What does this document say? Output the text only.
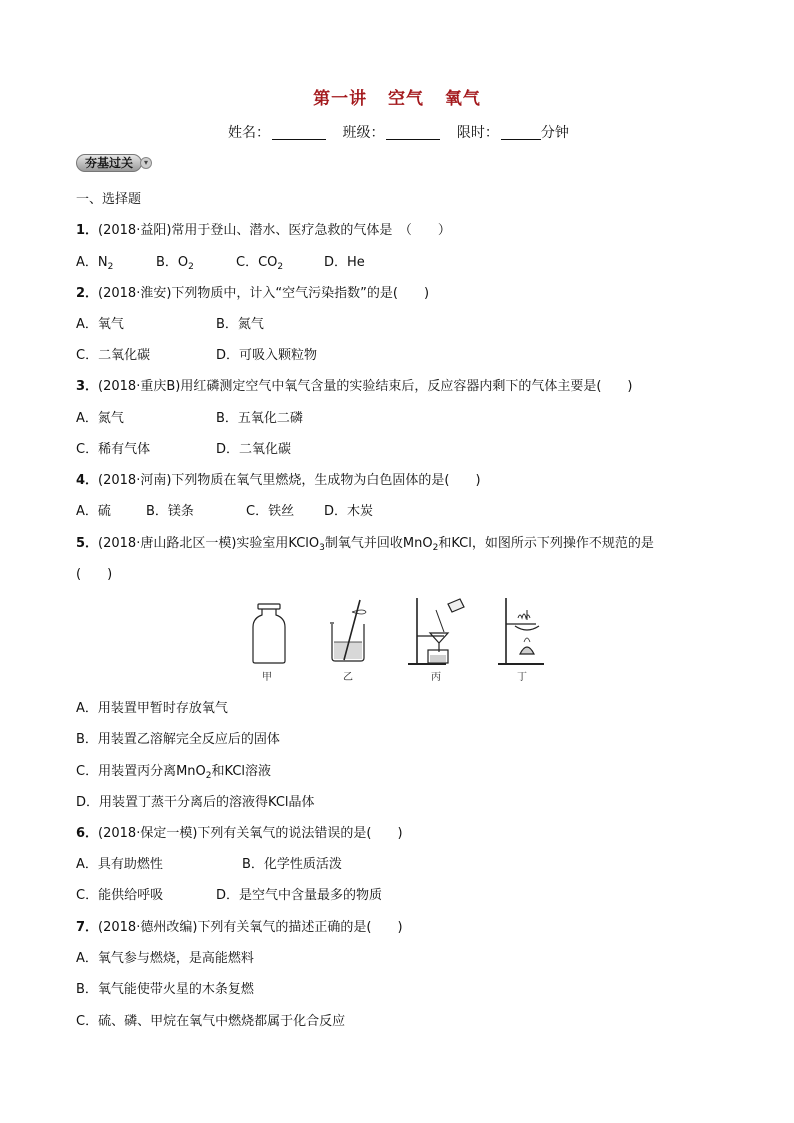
第一讲 空气 氧气
姓名：	班级：	限时：	分钟
夯基过关	▾
一、选择题
1．(2018·益阳)常用于登山、潜水、医疗急救的气体是　（　　）
A．$N_2$	B．$O_2$	C．$CO_2$	D．He
2．(2018·淮安)下列物质中，计入“空气污染指数”的是(　　)
A．氧气	B．氮气
C．二氧化碳	D．可吸入颗粒物
3．(2018·重庆B)用红磷测定空气中氧气含量的实验结束后，反应容器内剩下的气体主要是(　　)
A．氮气	B．五氧化二磷
C．稀有气体	D．二氧化碳
4．(2018·河南)下列物质在氧气里燃烧，生成物为白色固体的是(　　)
A．硫	B．镁条	C．铁丝 D．木炭
5．(2018·唐山路北区一模)实验室用KClO$_3$制氧气并回收MnO$_2$和KCl，如图所示下列操作不规范的是
(　　)
甲	乙	丙	丁
A．用装置甲暂时存放氧气
B．用装置乙溶解完全反应后的固体
C．用装置丙分离MnO$_2$和KCl溶液
D．用装置丁蒸干分离后的溶液得KCl晶体
6．(2018·保定一模)下列有关氧气的说法错误的是(　　)
A．具有助燃性	B．化学性质活泼
C．能供给呼吸	D．是空气中含量最多的物质
7．(2018·德州改编)下列有关氧气的描述正确的是(　　)
A．氧气参与燃烧，是高能燃料
B．氧气能使带火星的木条复燃
C．硫、磷、甲烷在氧气中燃烧都属于化合反应
